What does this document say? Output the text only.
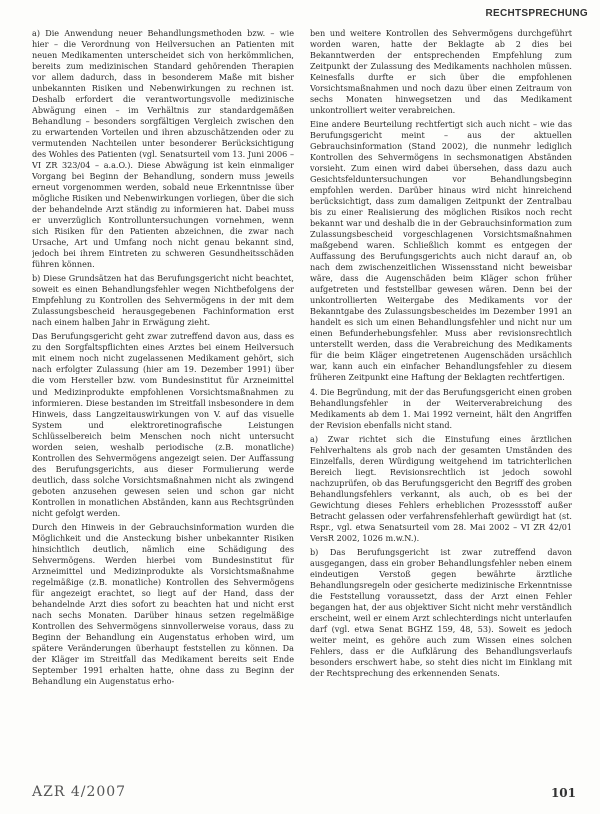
RECHTSPRECHUNG

a) Die Anwendung neuer Behandlungsmethoden bzw. – wie hier – die Verordnung von Heilversuchen an Patienten mit neuen Medikamenten unterscheidet sich von herkömmlichen, bereits zum medizinischen Standard gehörenden Therapien vor allem dadurch, dass in besonderem Maße mit bisher unbekannten Risiken und Nebenwirkungen zu rechnen ist. Deshalb erfordert die verantwortungsvolle medizinische Abwägung einen – im Verhältnis zur standardgemäßen Behandlung – besonders sorgfältigen Vergleich zwischen den zu erwartenden Vorteilen und ihren abzuschätzenden oder zu vermutenden Nachteilen unter besonderer Berücksichtigung des Wohles des Patienten (vgl. Senatsurteil vom 13. Juni 2006 – VI ZR 323/04 – a.a.O.). Diese Abwägung ist kein einmaliger Vorgang bei Beginn der Behandlung, sondern muss jeweils erneut vorgenommen werden, sobald neue Erkenntnisse über mögliche Risiken und Nebenwirkungen vorliegen, über die sich der behandelnde Arzt ständig zu informieren hat. Dabei muss er unverzüglich Kontrolluntersuchungen vornehmen, wenn sich Risiken für den Patienten abzeichnen, die zwar nach Ursache, Art und Umfang noch nicht genau bekannt sind, jedoch bei ihrem Eintreten zu schweren Gesundheitsschäden führen können.

b) Diese Grundsätzen hat das Berufungsgericht nicht beachtet, soweit es einen Behandlungsfehler wegen Nichtbefolgens der Empfehlung zu Kontrollen des Sehvermögens in der mit dem Zulassungsbescheid herausgegebenen Fachinformation erst nach einem halben Jahr in Erwägung zieht.

Das Berufungsgericht geht zwar zutreffend davon aus, dass es zu den Sorgfaltspflichten eines Arztes bei einem Heilversuch mit einem noch nicht zugelassenen Medikament gehört, sich nach erfolgter Zulassung (hier am 19. Dezember 1991) über die vom Hersteller bzw. vom Bundesinstitut für Arzneimittel und Medizinprodukte empfohlenen Vorsichtsmaßnahmen zu informieren. Diese bestanden im Streitfall insbesondere in dem Hinweis, dass Langzeitauswirkungen von V. auf das visuelle System und elektroretinografische Leistungen Schlüsselbereich beim Menschen noch nicht untersucht worden seien, weshalb periodische (z.B. monatliche) Kontrollen des Sehvermögens angezeigt seien. Der Auffassung des Berufungsgerichts, aus dieser Formulierung werde deutlich, dass solche Vorsichtsmaßnahmen nicht als zwingend geboten anzusehen gewesen seien und schon gar nicht Kontrollen in monatlichen Abständen, kann aus Rechtsgründen nicht gefolgt werden.

Durch den Hinweis in der Gebrauchsinformation wurden die Möglichkeit und die Ansteckung bisher unbekannter Risiken hinsichtlich deutlich, nämlich eine Schädigung des Sehvermögens. Werden hierbei vom Bundesinstitut für Arzneimittel und Medizinprodukte als Vorsichtsmaßnahme regelmäßige (z.B. monatliche) Kontrollen des Sehvermögens für angezeigt erachtet, so liegt auf der Hand, dass der behandelnde Arzt dies sofort zu beachten hat und nicht erst nach sechs Monaten. Darüber hinaus setzen regelmäßige Kontrollen des Sehvermögens sinnvollerweise voraus, dass zu Beginn der Behandlung ein Augenstatus erhoben wird, um spätere Veränderungen überhaupt feststellen zu können. Da der Kläger im Streitfall das Medikament bereits seit Ende September 1991 erhalten hatte, ohne dass zu Beginn der Behandlung ein Augenstatus erho-

ben und weitere Kontrollen des Sehvermögens durchgeführt worden waren, hatte der Beklagte ab 2 dies bei Bekanntwerden der entsprechenden Empfehlung zum Zeitpunkt der Zulassung des Medikaments nachholen müssen. Keinesfalls durfte er sich über die empfohlenen Vorsichtsmaßnahmen und noch dazu über einen Zeitraum von sechs Monaten hinwegsetzen und das Medikament unkontrolliert weiter verabreichen.

Eine andere Beurteilung rechtfertigt sich auch nicht – wie das Berufungsgericht meint – aus der aktuellen Gebrauchsinformation (Stand 2002), die nunmehr lediglich Kontrollen des Sehvermögens in sechsmonatigen Abständen vorsieht. Zum einen wird dabei übersehen, dass dazu auch Gesichtsfelduntersuchungen vor Behandlungsbeginn empfohlen werden. Darüber hinaus wird nicht hinreichend berücksichtigt, dass zum damaligen Zeitpunkt der Zentralbau bis zu einer Realisierung des möglichen Risikos noch recht bekannt war und deshalb die in der Gebrauchsinformation zum Zulassungsbescheid vorgeschlagenen Vorsichtsmaßnahmen maßgebend waren. Schließlich kommt es entgegen der Auffassung des Berufungsgerichts auch nicht darauf an, ob nach dem zwischenzeitlichen Wissensstand nicht beweisbar wäre, dass die Augenschäden beim Kläger schon früher aufgetreten und feststellbar gewesen wären. Denn bei der unkontrollierten Weitergabe des Medikaments vor der Bekanntgabe des Zulassungsbescheides im Dezember 1991 an handelt es sich um einen Behandlungsfehler und nicht nur um einen Befunderhebungsfehler. Muss aber revisionsrechtlich unterstellt werden, dass die Verabreichung des Medikaments für die beim Kläger eingetretenen Augenschäden ursächlich war, kann auch ein einfacher Behandlungsfehler zu diesem früheren Zeitpunkt eine Haftung der Beklagten rechtfertigen.

4. Die Begründung, mit der das Berufungsgericht einen groben Behandlungsfehler in der Weiterverabreichung des Medikaments ab dem 1. Mai 1992 verneint, hält den Angriffen der Revision ebenfalls nicht stand.

a) Zwar richtet sich die Einstufung eines ärztlichen Fehlverhaltens als grob nach der gesamten Umständen des Einzelfalls, deren Würdigung weitgehend im tatrichterlichen Bereich liegt. Revisionsrechtlich ist jedoch sowohl nachzuprüfen, ob das Berufungsgericht den Begriff des groben Behandlungsfehlers verkannt, als auch, ob es bei der Gewichtung dieses Fehlers erheblichen Prozessstoff außer Betracht gelassen oder verfahrensfehlerhaft gewürdigt hat (st. Rspr., vgl. etwa Senatsurteil vom 28. Mai 2002 – VI ZR 42/01 VersR 2002, 1026 m.w.N.).

b) Das Berufungsgericht ist zwar zutreffend davon ausgegangen, dass ein grober Behandlungsfehler neben einem eindeutigen Verstoß gegen bewährte ärztliche Behandlungsregeln oder gesicherte medizinische Erkenntnisse die Feststellung voraussetzt, dass der Arzt einen Fehler begangen hat, der aus objektiver Sicht nicht mehr verständlich erscheint, weil er einem Arzt schlechterdings nicht unterlaufen darf (vgl. etwa Senat BGHZ 159, 48, 53). Soweit es jedoch weiter meint, es gehöre auch zum Wissen eines solchen Fehlers, dass er die Aufklärung des Behandlungsverlaufs besonders erschwert habe, so steht dies nicht im Einklang mit der Rechtsprechung des erkennenden Senats.

AZR 4/2007	101
